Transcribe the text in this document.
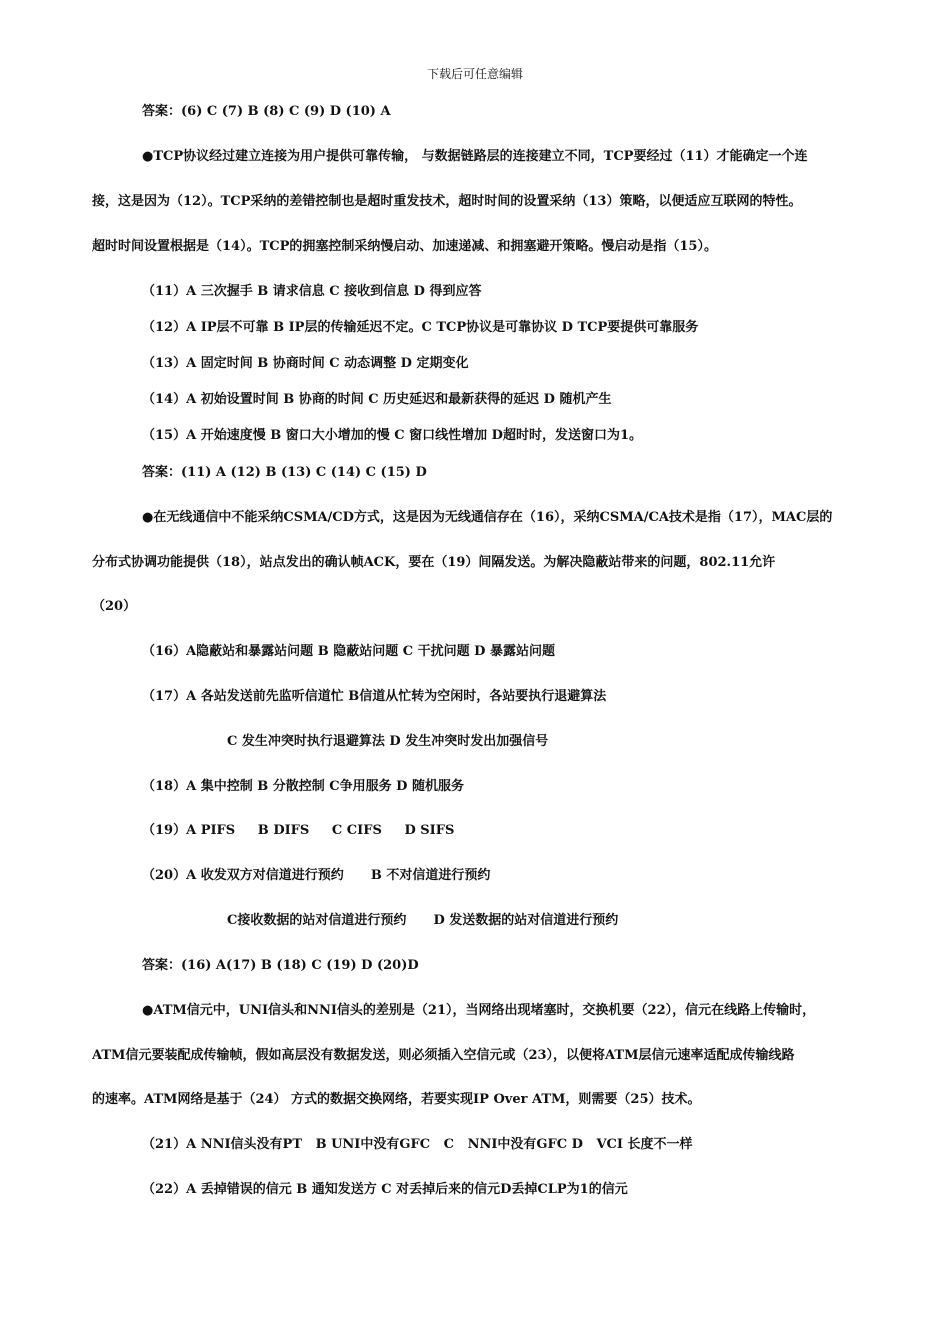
下载后可任意编辑
答案：(6) C (7) B (8) C (9) D (10) A
●TCP协议经过建立连接为用户提供可靠传输， 与数据链路层的连接建立不同，TCP要经过（11）才能确定一个连
接，这是因为（12）。TCP采纳的差错控制也是超时重发技术，超时时间的设置采纳（13）策略，以便适应互联网的特性。
超时时间设置根据是（14）。TCP的拥塞控制采纳慢启动、加速递减、和拥塞避开策略。慢启动是指（15）。
（11）A 三次握手 B 请求信息 C 接收到信息 D 得到应答
（12）A IP层不可靠 B IP层的传输延迟不定。C TCP协议是可靠协议 D TCP要提供可靠服务
（13）A 固定时间 B 协商时间 C 动态调整 D 定期变化
（14）A 初始设置时间 B 协商的时间 C 历史延迟和最新获得的延迟 D 随机产生
（15）A 开始速度慢 B 窗口大小增加的慢 C 窗口线性增加 D超时时，发送窗口为1。
答案：(11) A (12) B (13) C (14) C (15) D
●在无线通信中不能采纳CSMA/CD方式，这是因为无线通信存在（16），采纳CSMA/CA技术是指（17），MAC层的
分布式协调功能提供（18），站点发出的确认帧ACK，要在（19）间隔发送。为解决隐蔽站带来的问题，802.11允许
（20）
（16）A隐蔽站和暴露站问题 B 隐蔽站问题 C 干扰问题 D 暴露站问题
（17）A 各站发送前先监听信道忙 B信道从忙转为空闲时，各站要执行退避算法
C 发生冲突时执行退避算法 D 发生冲突时发出加强信号
（18）A 集中控制 B 分散控制 C争用服务 D 随机服务
（19）A PIFS     B DIFS     C CIFS     D SIFS
（20）A 收发双方对信道进行预约      B 不对信道进行预约
C接收数据的站对信道进行预约      D 发送数据的站对信道进行预约
答案：(16) A(17) B (18) C (19) D (20)D
●ATM信元中，UNI信头和NNI信头的差别是（21），当网络出现堵塞时，交换机要（22），信元在线路上传输时，
ATM信元要装配成传输帧，假如高层没有数据发送，则必须插入空信元或（23），以便将ATM层信元速率适配成传输线路
的速率。ATM网络是基于（24） 方式的数据交换网络，若要实现IP Over ATM，则需要（25）技术。
（21）A NNI信头没有PT   B UNI中没有GFC   C   NNI中没有GFC D   VCI 长度不一样
（22）A 丢掉错误的信元 B 通知发送方 C 对丢掉后来的信元D丢掉CLP为1的信元
